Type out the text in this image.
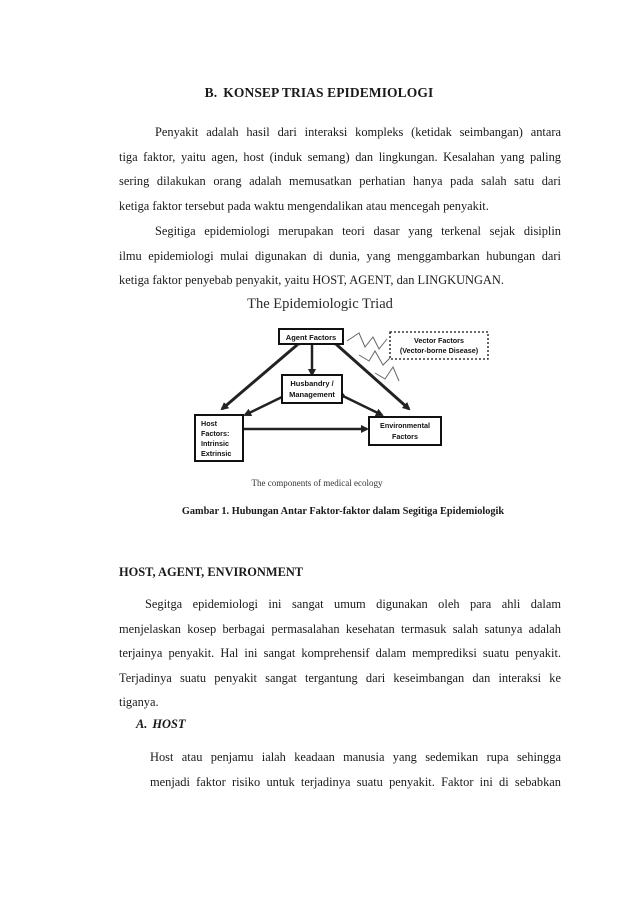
B. KONSEP TRIAS EPIDEMIOLOGI
Penyakit adalah hasil dari interaksi kompleks (ketidak seimbangan) antara
tiga faktor, yaitu agen, host (induk semang) dan lingkungan. Kesalahan yang paling
sering dilakukan orang adalah memusatkan perhatian hanya pada salah satu dari
ketiga faktor tersebut pada waktu mengendalikan atau mencegah penyakit.
Segitiga epidemiologi merupakan teori dasar yang terkenal sejak disiplin
ilmu epidemiologi mulai digunakan di dunia, yang menggambarkan hubungan dari
ketiga faktor penyebab penyakit, yaitu HOST, AGENT, dan LINGKUNGAN.
The Epidemiologic Triad
Agent Factors	Vector Factors
(Vector-borne Disease)
Husbandry /
Management
Host
Factors:
Intrinsic
Extrinsic
Environmental
Factors
The components of medical ecology
Gambar 1. Hubungan Antar Faktor-faktor dalam Segitiga Epidemiologik
HOST, AGENT, ENVIRONMENT
Segitga epidemiologi ini sangat umum digunakan oleh para ahli dalam
menjelaskan kosep berbagai permasalahan kesehatan termasuk salah satunya adalah
terjainya penyakit. Hal ini sangat komprehensif dalam memprediksi suatu penyakit.
Terjadinya suatu penyakit sangat tergantung dari keseimbangan dan interaksi ke
tiganya.
A. HOST
Host atau penjamu ialah keadaan manusia yang sedemikan rupa sehingga
menjadi faktor risiko untuk terjadinya suatu penyakit. Faktor ini di sebabkan
